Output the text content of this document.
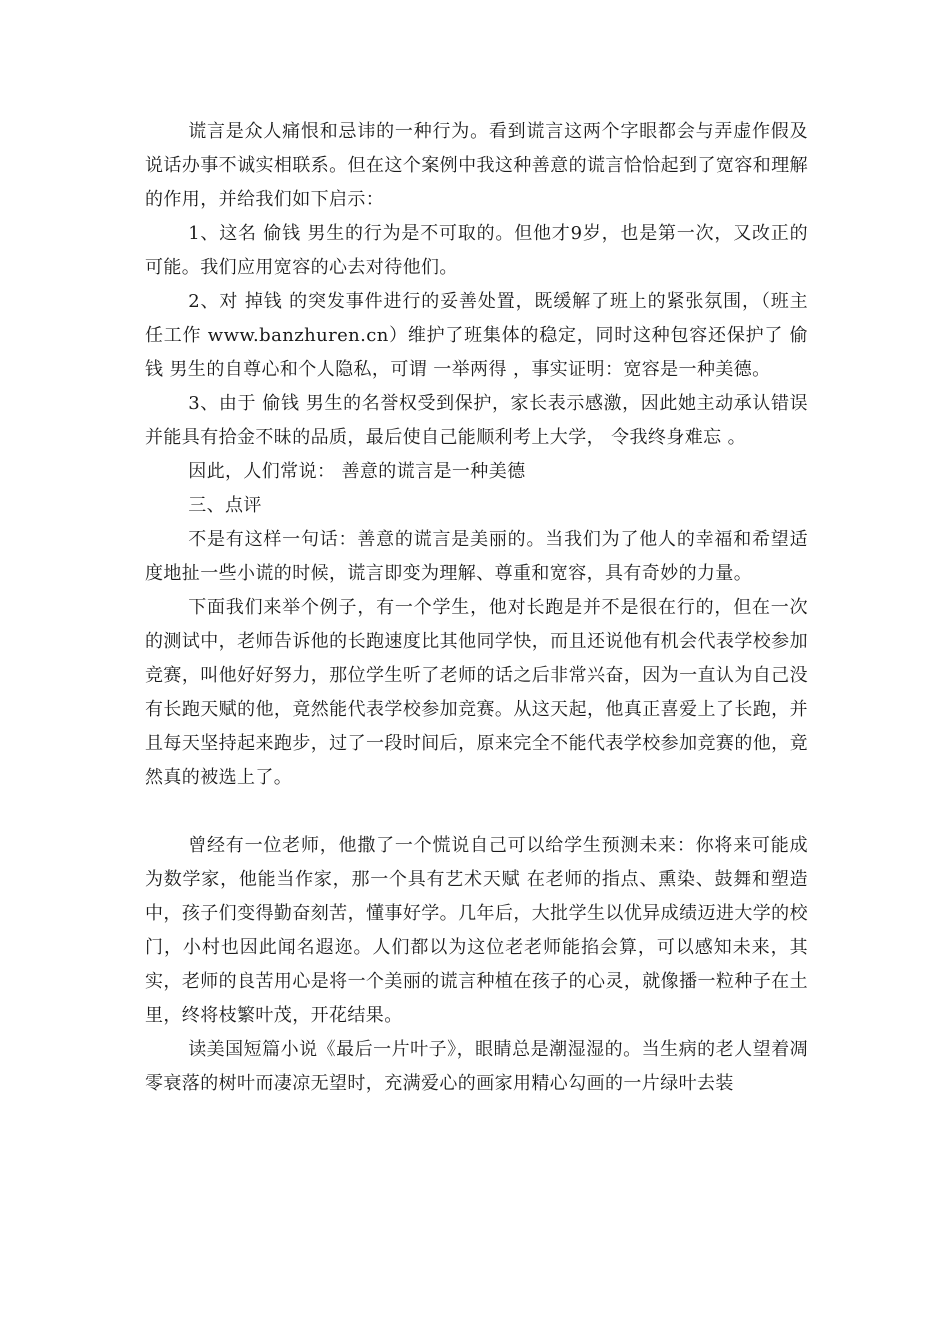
谎言是众人痛恨和忌讳的一种行为。看到谎言这两个字眼都会与弄虚作假及说话办事不诚实相联系。但在这个案例中我这种善意的谎言恰恰起到了宽容和理解的作用，并给我们如下启示：

1、这名 偷钱 男生的行为是不可取的。但他才9岁，也是第一次，又改正的可能。我们应用宽容的心去对待他们。

2、对 掉钱 的突发事件进行的妥善处置，既缓解了班上的紧张氛围，（班主任工作 www.banzhuren.cn）维护了班集体的稳定，同时这种包容还保护了 偷钱 男生的自尊心和个人隐私，可谓 一举两得 ，事实证明：宽容是一种美德。

3、由于 偷钱 男生的名誉权受到保护，家长表示感激，因此她主动承认错误并能具有拾金不昧的品质，最后使自己能顺利考上大学， 令我终身难忘 。

因此，人们常说： 善意的谎言是一种美德

三、点评

不是有这样一句话：善意的谎言是美丽的。当我们为了他人的幸福和希望适度地扯一些小谎的时候，谎言即变为理解、尊重和宽容，具有奇妙的力量。

下面我们来举个例子，有一个学生，他对长跑是并不是很在行的，但在一次的测试中，老师告诉他的长跑速度比其他同学快，而且还说他有机会代表学校参加竞赛，叫他好好努力，那位学生听了老师的话之后非常兴奋，因为一直认为自己没有长跑天赋的他，竟然能代表学校参加竞赛。从这天起，他真正喜爱上了长跑，并且每天坚持起来跑步，过了一段时间后，原来完全不能代表学校参加竞赛的他，竟然真的被选上了。

曾经有一位老师，他撒了一个慌说自己可以给学生预测未来：你将来可能成为数学家，他能当作家，那一个具有艺术天赋 在老师的指点、熏染、鼓舞和塑造中，孩子们变得勤奋刻苦，懂事好学。几年后，大批学生以优异成绩迈进大学的校门，小村也因此闻名遐迩。人们都以为这位老老师能掐会算，可以感知未来，其实，老师的良苦用心是将一个美丽的谎言种植在孩子的心灵，就像播一粒种子在土里，终将枝繁叶茂，开花结果。

读美国短篇小说《最后一片叶子》，眼睛总是潮湿湿的。当生病的老人望着凋零衰落的树叶而凄凉无望时，充满爱心的画家用精心勾画的一片绿叶去装
